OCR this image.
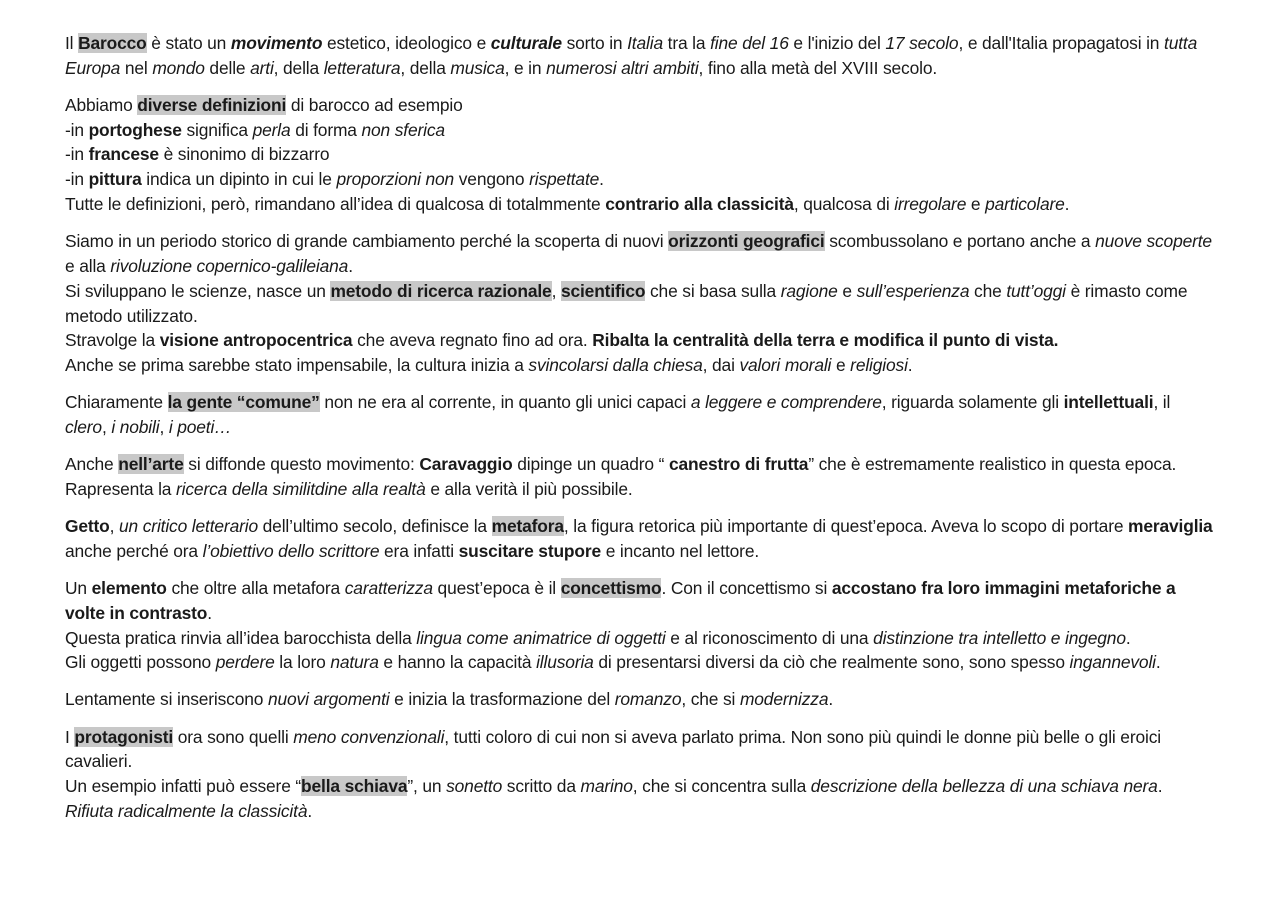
Il Barocco è stato un movimento estetico, ideologico e culturale sorto in Italia tra la fine del 16 e l'inizio del 17 secolo, e dall'Italia propagatosi in tutta Europa nel mondo delle arti, della letteratura, della musica, e in numerosi altri ambiti, fino alla metà del XVIII secolo.
Abbiamo diverse definizioni di barocco ad esempio
-in portoghese significa perla di forma non sferica
-in francese è sinonimo di bizzarro
-in pittura indica un dipinto in cui le proporzioni non vengono rispettate.
Tutte le definizioni, però, rimandano all’idea di qualcosa di totalmmente contrario alla classicità, qualcosa di irregolare e particolare.
Siamo in un periodo storico di grande cambiamento perché la scoperta di nuovi orizzonti geografici scombussolano e portano anche a nuove scoperte e alla rivoluzione copernico-galileiana.
Si sviluppano le scienze, nasce un metodo di ricerca razionale, scientifico che si basa sulla ragione e sull’esperienza che tutt’oggi è rimasto come metodo utilizzato.
Stravolge la visione antropocentrica che aveva regnato fino ad ora. Ribalta la centralità della terra e modifica il punto di vista.
Anche se prima sarebbe stato impensabile, la cultura inizia a svincolarsi dalla chiesa, dai valori morali e religiosi.
Chiaramente la gente “comune” non ne era al corrente, in quanto gli unici capaci a leggere e comprendere, riguarda solamente gli intellettuali, il clero, i nobili, i poeti…
Anche nell’arte si diffonde questo movimento: Caravaggio dipinge un quadro “ canestro di frutta” che è estremamente realistico in questa epoca. Rapresenta la ricerca della similitdine alla realtà e alla verità il più possibile.
Getto, un critico letterario dell’ultimo secolo, definisce la metafora, la figura retorica più importante di quest’epoca. Aveva lo scopo di portare meraviglia anche perché ora l’obiettivo dello scrittore era infatti suscitare stupore e incanto nel lettore.
Un elemento che oltre alla metafora caratterizza quest’epoca è il concettismo. Con il concettismo si accostano fra loro immagini metaforiche a volte in contrasto.
Questa pratica rinvia all’idea barocchista della lingua come animatrice di oggetti e al riconoscimento di una distinzione tra intelletto e ingegno.
Gli oggetti possono perdere la loro natura e hanno la capacità illusoria di presentarsi diversi da ciò che realmente sono, sono spesso ingannevoli.
Lentamente si inseriscono nuovi argomenti e inizia la trasformazione del romanzo, che si modernizza.
I protagonisti ora sono quelli meno convenzionali, tutti coloro di cui non si aveva parlato prima. Non sono più quindi le donne più belle o gli eroici cavalieri.
Un esempio infatti può essere “bella schiava”, un sonetto scritto da marino, che si concentra sulla descrizione della bellezza di una schiava nera. Rifiuta radicalmente la classicità.
